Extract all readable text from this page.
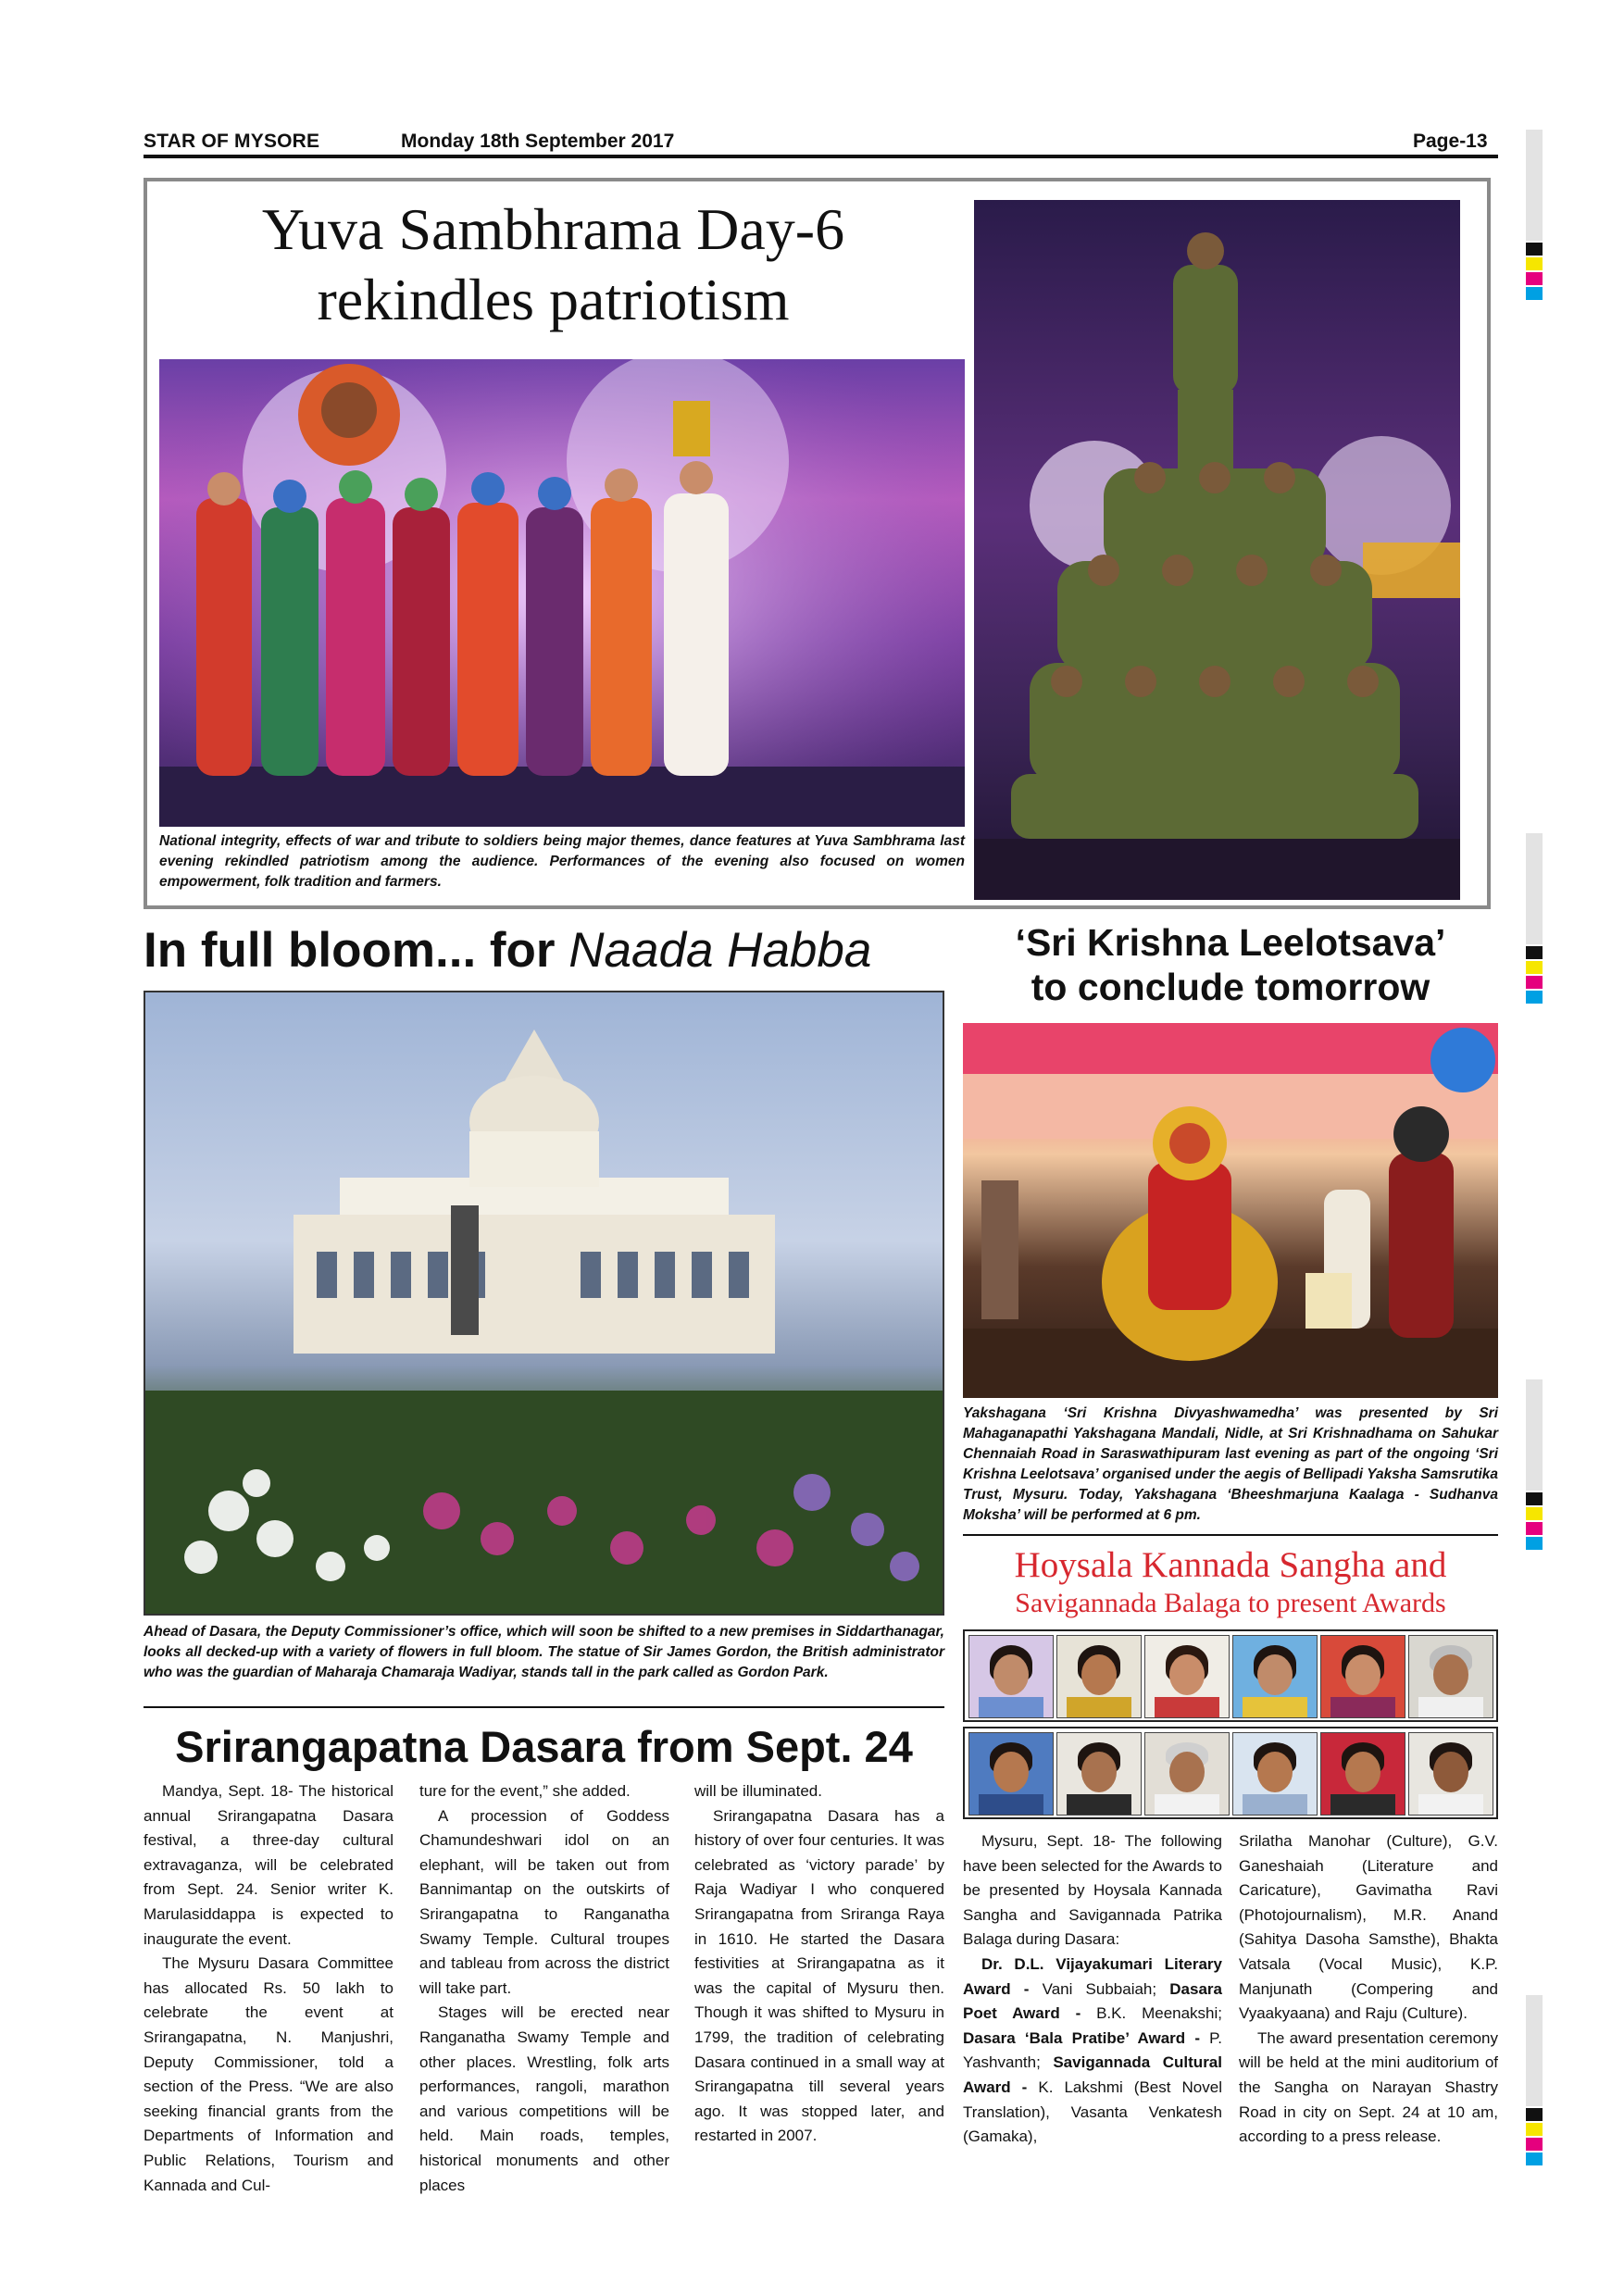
STAR OF MYSORE	Monday 18th September 2017	Page-13
Yuva Sambhrama Day-6
rekindles patriotism
National integrity, effects of war and tribute to soldiers being major themes, dance features at Yuva Sambhrama last evening rekindled patriotism among the audience. Performances of the evening also focused on women empowerment, folk tradition and farmers.
In full bloom... for Naada Habba
Ahead of Dasara, the Deputy Commissioner’s office, which will soon be shifted to a new premises in Siddarthanagar, looks all decked-up with a variety of flowers in full bloom. The statue of Sir James Gordon, the British administrator who was the guardian of Maharaja Chamaraja Wadiyar, stands tall in the park called as Gordon Park.
‘Sri Krishna Leelotsava’
to conclude tomorrow
Yakshagana ‘Sri Krishna Divyashwamedha’ was presented by Sri Mahaganapathi Yakshagana Mandali, Nidle, at Sri Krishnadhama on Sahukar Chennaiah Road in Saraswathipuram last evening as part of the ongoing ‘Sri Krishna Leelotsava’ organised under the aegis of Bellipadi Yaksha Samsrutika Trust, Mysuru. Today, Yakshagana ‘Bheeshmarjuna Kaalaga - Sudhanva Moksha’ will be performed at 6 pm.
Hoysala Kannada Sangha and
Savigannada Balaga to present Awards

Mysuru, Sept. 18- The following have been selected for the Awards to be presented by Hoysala Kannada Sangha and Savigannada Patrika Balaga during Dasara:

Dr. D.L. Vijayakumari Literary Award - Vani Subbaiah; Dasara Poet Award - B.K. Meenakshi; Dasara ‘Bala Pratibe’ Award - P. Yashvanth; Savigannada Cultural Award - K. Lakshmi (Best Novel Translation), Vasanta Venkatesh (Gamaka),

Srilatha Manohar (Culture), G.V. Ganeshaiah (Literature and Caricature), Gavimatha Ravi (Photojournalism), M.R. Anand (Sahitya Dasoha Samsthe), Bhakta Vatsala (Vocal Music), K.P. Manjunath (Compering and Vyaakyaana) and Raju (Culture).

The award presentation ceremony will be held at the mini auditorium of the Sangha on Narayan Shastry Road in city on Sept. 24 at 10 am, according to a press release.

Srirangapatna Dasara from Sept. 24

Mandya, Sept. 18- The historical annual Srirangapatna Dasara festival, a three-day cultural extravaganza, will be celebrated from Sept. 24. Senior writer K. Marulasiddappa is expected to inaugurate the event.

The Mysuru Dasara Committee has allocated Rs. 50 lakh to celebrate the event at Srirangapatna, N. Manjushri, Deputy Commissioner, told a section of the Press. “We are also seeking financial grants from the Departments of Information and Public Relations, Tourism and Kannada and Cul-

ture for the event,” she added.

A procession of Goddess Chamundeshwari idol on an elephant, will be taken out from Bannimantap on the outskirts of Srirangapatna to Ranganatha Swamy Temple. Cultural troupes and tableau from across the district will take part.

Stages will be erected near Ranganatha Swamy Temple and other places. Wrestling, folk arts performances, rangoli, marathon and various competitions will be held. Main roads, temples, historical monuments and other places

will be illuminated.

Srirangapatna Dasara has a history of over four centuries. It was celebrated as ‘victory parade’ by Raja Wadiyar I who conquered Srirangapatna from Sriranga Raya in 1610. He started the Dasara festivities at Srirangapatna as it was the capital of Mysuru then. Though it was shifted to Mysuru in 1799, the tradition of celebrating Dasara continued in a small way at Srirangapatna till several years ago. It was stopped later, and restarted in 2007.
